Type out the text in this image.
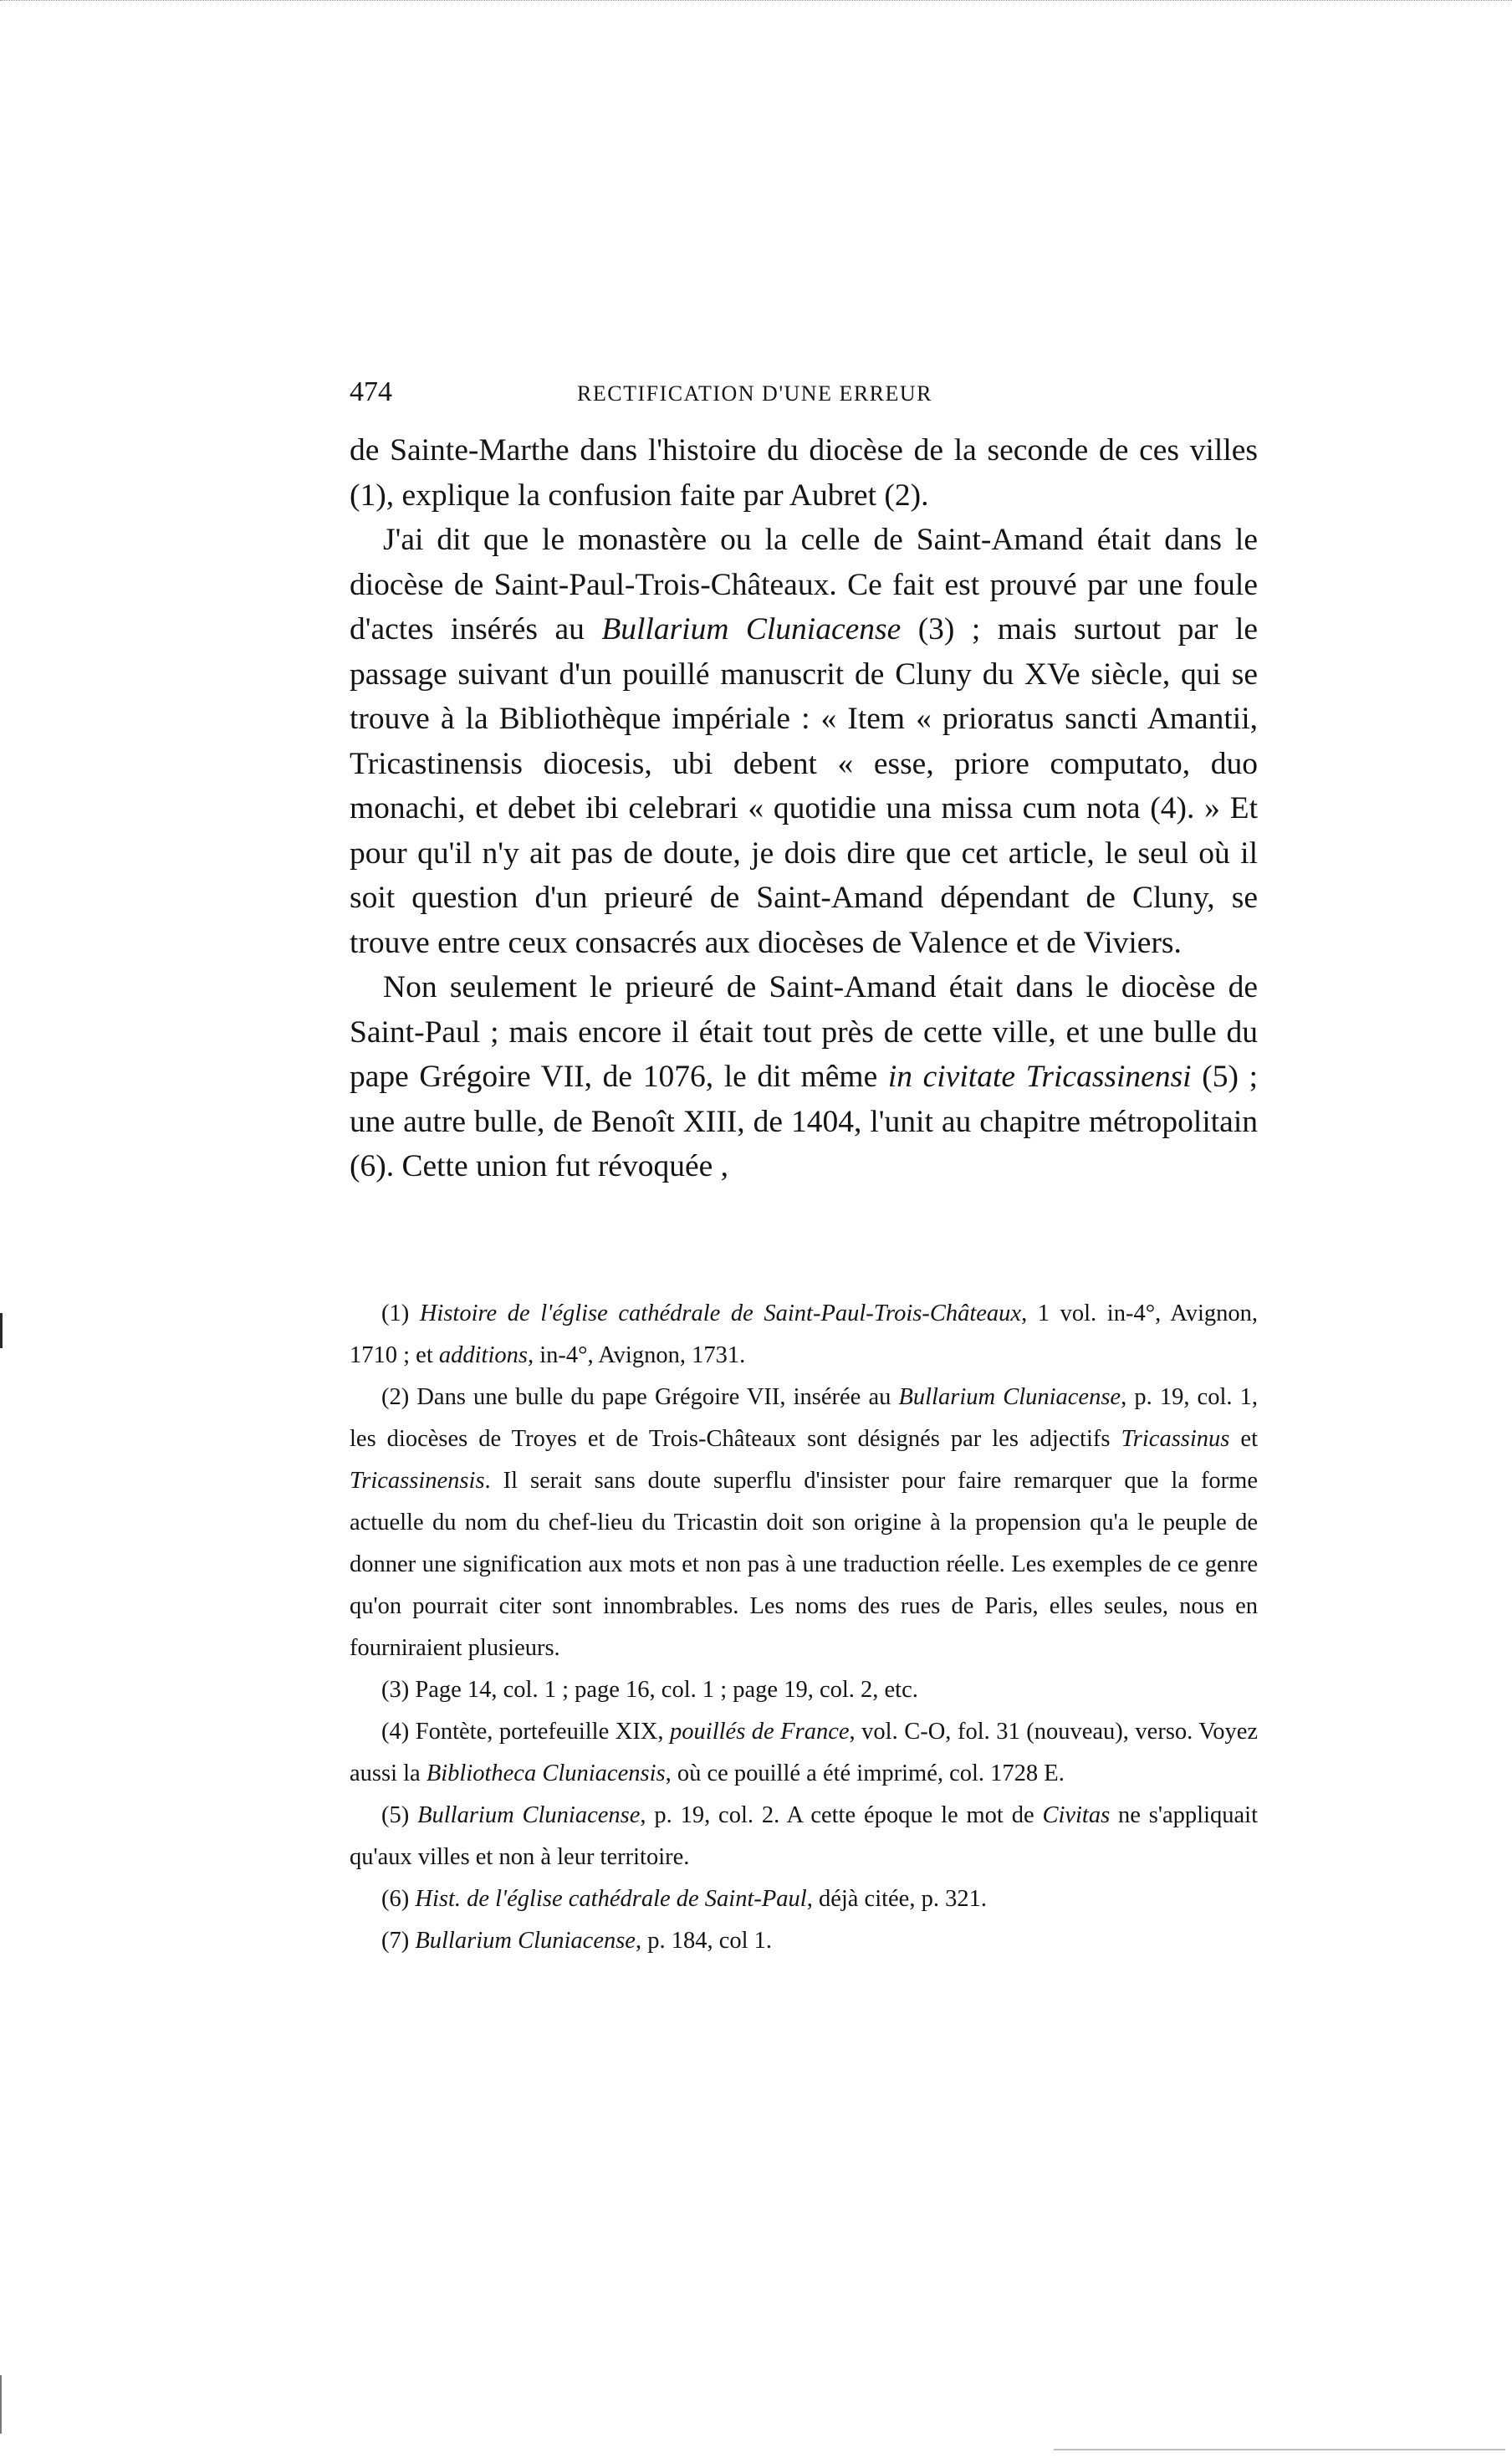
474	RECTIFICATION D'UNE ERREUR

de Sainte-Marthe dans l'histoire du diocèse de la seconde de ces villes (1), explique la confusion faite par Aubret (2).

J'ai dit que le monastère ou la celle de Saint-Amand était dans le diocèse de Saint-Paul-Trois-Châteaux. Ce fait est prouvé par une foule d'actes insérés au Bullarium Cluniacense (3) ; mais surtout par le passage suivant d'un pouillé manuscrit de Cluny du XVe siècle, qui se trouve à la Bibliothèque impériale : « Item « prioratus sancti Amantii, Tricastinensis diocesis, ubi debent « esse, priore computato, duo monachi, et debet ibi celebrari « quotidie una missa cum nota (4). » Et pour qu'il n'y ait pas de doute, je dois dire que cet article, le seul où il soit question d'un prieuré de Saint-Amand dépendant de Cluny, se trouve entre ceux consacrés aux diocèses de Valence et de Viviers.

Non seulement le prieuré de Saint-Amand était dans le diocèse de Saint-Paul ; mais encore il était tout près de cette ville, et une bulle du pape Grégoire VII, de 1076, le dit même in civitate Tricassinensi (5) ; une autre bulle, de Benoît XIII, de 1404, l'unit au chapitre métropolitain (6). Cette union fut révoquée ,

(1) Histoire de l'église cathédrale de Saint-Paul-Trois-Châteaux, 1 vol. in-4°, Avignon, 1710 ; et additions, in-4°, Avignon, 1731.

(2) Dans une bulle du pape Grégoire VII, insérée au Bullarium Cluniacense, p. 19, col. 1, les diocèses de Troyes et de Trois-Châteaux sont désignés par les adjectifs Tricassinus et Tricassinensis. Il serait sans doute superflu d'insister pour faire remarquer que la forme actuelle du nom du chef-lieu du Tricastin doit son origine à la propension qu'a le peuple de donner une signification aux mots et non pas à une traduction réelle. Les exemples de ce genre qu'on pourrait citer sont innombrables. Les noms des rues de Paris, elles seules, nous en fourniraient plusieurs.

(3) Page 14, col. 1 ; page 16, col. 1 ; page 19, col. 2, etc.

(4) Fontète, portefeuille XIX, pouillés de France, vol. C-O, fol. 31 (nouveau), verso. Voyez aussi la Bibliotheca Cluniacensis, où ce pouillé a été imprimé, col. 1728 E.

(5) Bullarium Cluniacense, p. 19, col. 2. A cette époque le mot de Civitas ne s'appliquait qu'aux villes et non à leur territoire.

(6) Hist. de l'église cathédrale de Saint-Paul, déjà citée, p. 321.

(7) Bullarium Cluniacense, p. 184, col 1.
